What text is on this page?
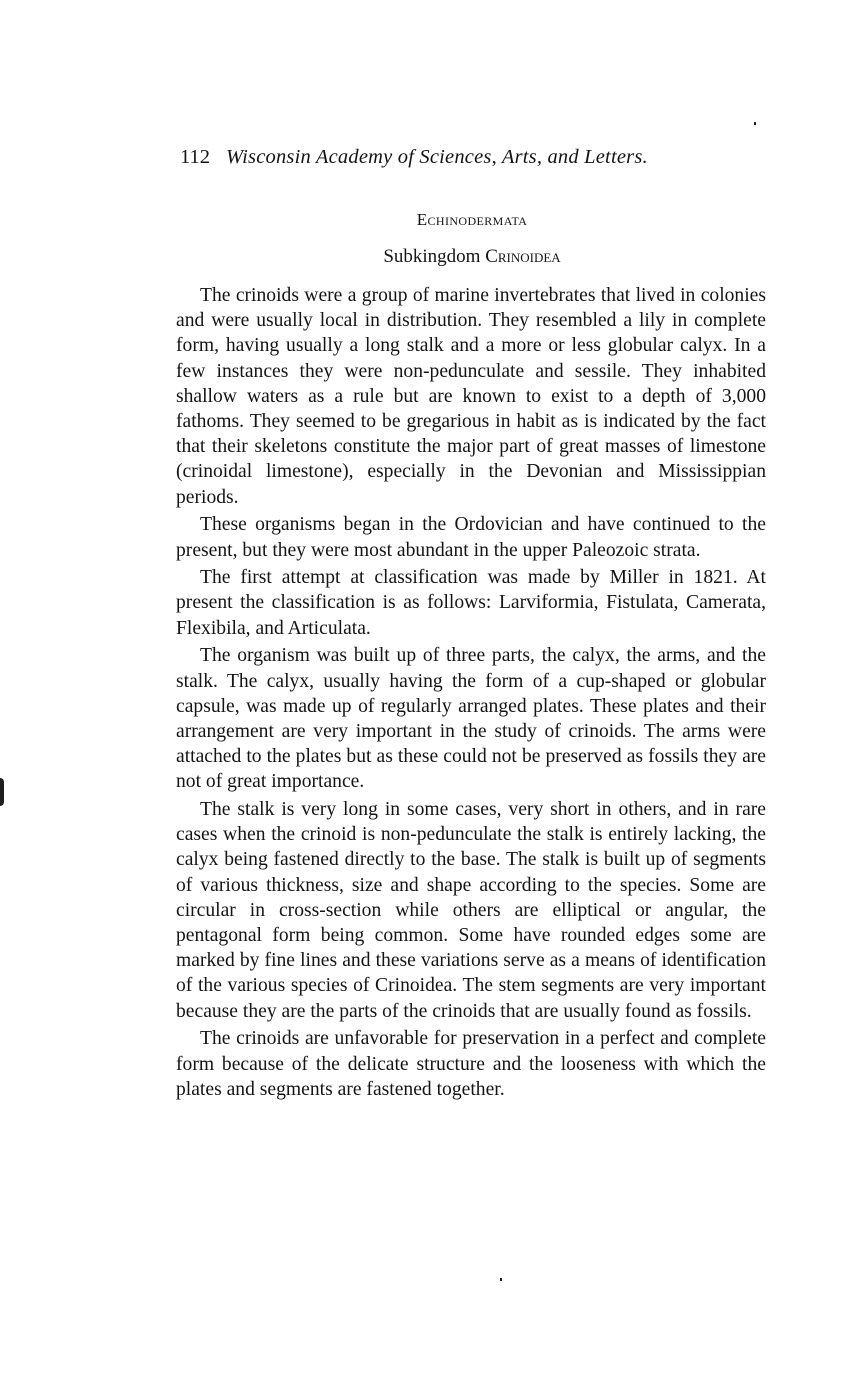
112 Wisconsin Academy of Sciences, Arts, and Letters.
Echinodermata
Subkingdom Crinoidea

The crinoids were a group of marine invertebrates that lived in colonies and were usually local in distribution. They resembled a lily in complete form, having usually a long stalk and a more or less globular calyx. In a few instances they were non-pedunculate and sessile. They inhabited shallow waters as a rule but are known to exist to a depth of 3,000 fathoms. They seemed to be gregarious in habit as is indicated by the fact that their skeletons constitute the major part of great masses of limestone (crinoidal limestone), especially in the Devonian and Mississippian periods.

These organisms began in the Ordovician and have continued to the present, but they were most abundant in the upper Paleozoic strata.

The first attempt at classification was made by Miller in 1821. At present the classification is as follows: Larviformia, Fistulata, Camerata, Flexibila, and Articulata.

The organism was built up of three parts, the calyx, the arms, and the stalk. The calyx, usually having the form of a cup-shaped or globular capsule, was made up of regularly arranged plates. These plates and their arrangement are very important in the study of crinoids. The arms were attached to the plates but as these could not be preserved as fossils they are not of great importance.

The stalk is very long in some cases, very short in others, and in rare cases when the crinoid is non-pedunculate the stalk is entirely lacking, the calyx being fastened directly to the base. The stalk is built up of segments of various thickness, size and shape according to the species. Some are circular in cross-section while others are elliptical or angular, the pentagonal form being common. Some have rounded edges some are marked by fine lines and these variations serve as a means of identification of the various species of Crinoidea. The stem segments are very important because they are the parts of the crinoids that are usually found as fossils.

The crinoids are unfavorable for preservation in a perfect and complete form because of the delicate structure and the looseness with which the plates and segments are fastened together.
